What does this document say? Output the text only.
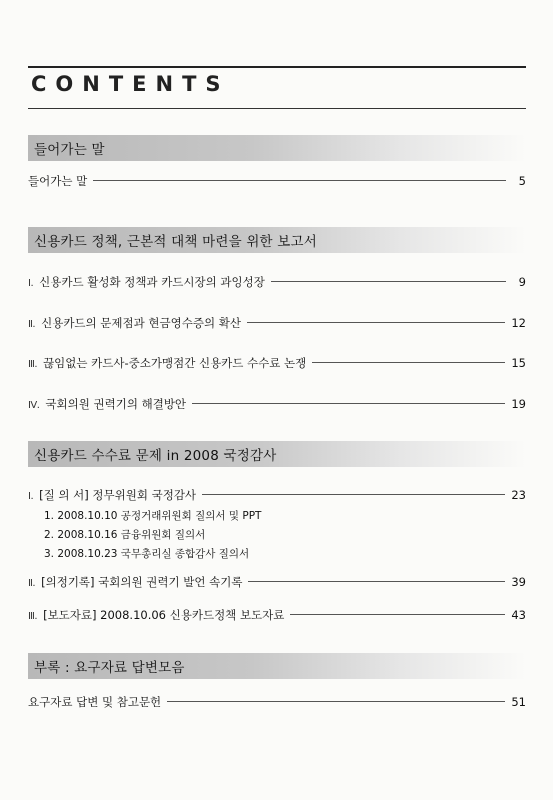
CONTENTS
들어가는 말
들어가는 말	5
신용카드 정책, 근본적 대책 마련을 위한 보고서
Ⅰ. 신용카드 활성화 정책과 카드시장의 과잉성장	9
Ⅱ. 신용카드의 문제점과 현금영수증의 확산	12
Ⅲ. 끊임없는 카드사-중소가맹점간 신용카드 수수료 논쟁	15
Ⅳ. 국회의원 권력기의 해결방안	19
신용카드 수수료 문제 in 2008 국정감사
Ⅰ. [질 의 서] 정무위원회 국정감사	23
1. 2008.10.10 공정거래위원회 질의서 및 PPT
2. 2008.10.16 금융위원회 질의서
3. 2008.10.23 국무총리실 종합감사 질의서
Ⅱ. [의정기록] 국회의원 권력기 발언 속기록	39
Ⅲ. [보도자료] 2008.10.06 신용카드정책 보도자료	43
부록 : 요구자료 답변모음
요구자료 답변 및 참고문헌	51
